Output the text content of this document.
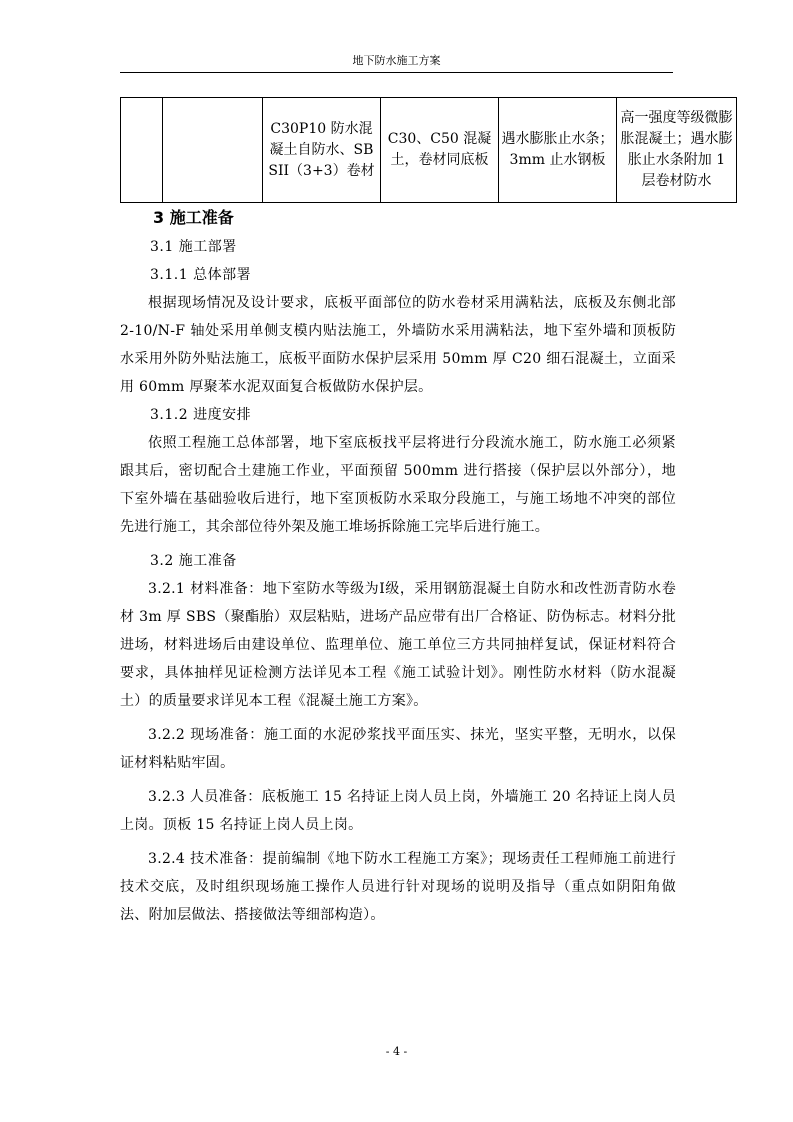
地下防水施工方案
		C30P10 防水混凝土自防水、SBSII（3+3）卷材	C30、C50 混凝土，卷材同底板	遇水膨胀止水条；3mm 止水钢板	高一强度等级微膨胀混凝土；遇水膨胀止水条附加 1 层卷材防水
3 施工准备

3.1 施工部署

3.1.1 总体部署

根据现场情况及设计要求，底板平面部位的防水卷材采用满粘法，底板及东侧北部 2-10/N-F 轴处采用单侧支模内贴法施工，外墙防水采用满粘法，地下室外墙和顶板防水采用外防外贴法施工，底板平面防水保护层采用 50mm 厚 C20 细石混凝土，立面采用 60mm 厚聚苯水泥双面复合板做防水保护层。

3.1.2 进度安排

依照工程施工总体部署，地下室底板找平层将进行分段流水施工，防水施工必须紧跟其后，密切配合土建施工作业，平面预留 500mm 进行搭接（保护层以外部分），地下室外墙在基础验收后进行，地下室顶板防水采取分段施工，与施工场地不冲突的部位先进行施工，其余部位待外架及施工堆场拆除施工完毕后进行施工。

3.2 施工准备

3.2.1 材料准备：地下室防水等级为Ⅰ级，采用钢筋混凝土自防水和改性沥青防水卷材 3m 厚 SBS（聚酯胎）双层粘贴，进场产品应带有出厂合格证、防伪标志。材料分批进场，材料进场后由建设单位、监理单位、施工单位三方共同抽样复试，保证材料符合要求，具体抽样见证检测方法详见本工程《施工试验计划》。刚性防水材料（防水混凝土）的质量要求详见本工程《混凝土施工方案》。

3.2.2 现场准备：施工面的水泥砂浆找平面压实、抹光，坚实平整，无明水，以保证材料粘贴牢固。

3.2.3 人员准备：底板施工 15 名持证上岗人员上岗，外墙施工 20 名持证上岗人员上岗。顶板 15 名持证上岗人员上岗。

3.2.4 技术准备：提前编制《地下防水工程施工方案》；现场责任工程师施工前进行技术交底，及时组织现场施工操作人员进行针对现场的说明及指导（重点如阴阳角做法、附加层做法、搭接做法等细部构造）。

- 4 -
